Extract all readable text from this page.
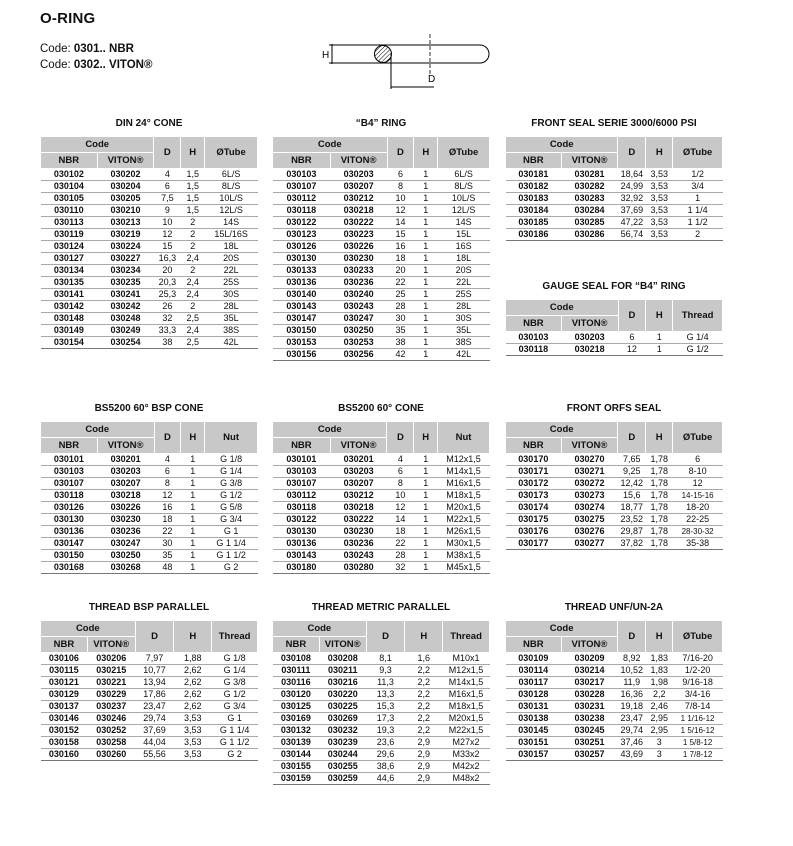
O-RING
Code: 0301.. NBR
Code: 0302.. VITON®
H
D
DIN 24° CONE
Code		D	H	ØTube
NBR	VITON®			
030102	030202	4	1,5	6L/S
030104	030204	6	1,5	8L/S
030105	030205	7,5	1,5	10L/S
030110	030210	9	1,5	12L/S
030113	030213	10	2	14S
030119	030219	12	2	15L/16S
030124	030224	15	2	18L
030127	030227	16,3	2,4	20S
030134	030234	20	2	22L
030135	030235	20,3	2,4	25S
030141	030241	25,3	2,4	30S
030142	030242	26	2	28L
030148	030248	32	2,5	35L
030149	030249	33,3	2,4	38S
030154	030254	38	2,5	42L
“B4” RING
Code		D	H	ØTube
NBR	VITON®			
030103	030203	6	1	6L/S
030107	030207	8	1	8L/S
030112	030212	10	1	10L/S
030118	030218	12	1	12L/S
030122	030222	14	1	14S
030123	030223	15	1	15L
030126	030226	16	1	16S
030130	030230	18	1	18L
030133	030233	20	1	20S
030136	030236	22	1	22L
030140	030240	25	1	25S
030143	030243	28	1	28L
030147	030247	30	1	30S
030150	030250	35	1	35L
030153	030253	38	1	38S
030156	030256	42	1	42L
FRONT SEAL SERIE 3000/6000 PSI
Code		D	H	ØTube
NBR	VITON®			
030181	030281	18,64	3,53	1/2
030182	030282	24,99	3,53	3/4
030183	030283	32,92	3,53	1
030184	030284	37,69	3,53	1 1/4
030185	030285	47,22	3,53	1 1/2
030186	030286	56,74	3,53	2
GAUGE SEAL FOR “B4” RING
Code		D	H	Thread
NBR	VITON®			
030103	030203	6	1	G 1/4
030118	030218	12	1	G 1/2
BS5200 60° BSP CONE
Code		D	H	Nut
NBR	VITON®			
030101	030201	4	1	G 1/8
030103	030203	6	1	G 1/4
030107	030207	8	1	G 3/8
030118	030218	12	1	G 1/2
030126	030226	16	1	G 5/8
030130	030230	18	1	G 3/4
030136	030236	22	1	G 1
030147	030247	30	1	G 1 1/4
030150	030250	35	1	G 1 1/2
030168	030268	48	1	G 2
BS5200 60° CONE
Code		D	H	Nut
NBR	VITON®			
030101	030201	4	1	M12x1,5
030103	030203	6	1	M14x1,5
030107	030207	8	1	M16x1,5
030112	030212	10	1	M18x1,5
030118	030218	12	1	M20x1,5
030122	030222	14	1	M22x1,5
030130	030230	18	1	M26x1,5
030136	030236	22	1	M30x1,5
030143	030243	28	1	M38x1,5
030180	030280	32	1	M45x1,5
FRONT ORFS SEAL
Code		D	H	ØTube
NBR	VITON®			
030170	030270	7,65	1,78	6
030171	030271	9,25	1,78	8-10
030172	030272	12,42	1,78	12
030173	030273	15,6	1,78	14-15-16
030174	030274	18,77	1,78	18-20
030175	030275	23,52	1,78	22-25
030176	030276	29,87	1,78	28-30-32
030177	030277	37,82	1,78	35-38
THREAD BSP PARALLEL
Code		D	H	Thread
NBR	VITON®			
030106	030206	7,97	1,88	G 1/8
030115	030215	10,77	2,62	G 1/4
030121	030221	13,94	2,62	G 3/8
030129	030229	17,86	2,62	G 1/2
030137	030237	23,47	2,62	G 3/4
030146	030246	29,74	3,53	G 1
030152	030252	37,69	3,53	G 1 1/4
030158	030258	44,04	3,53	G 1 1/2
030160	030260	55,56	3,53	G 2
THREAD METRIC PARALLEL
Code		D	H	Thread
NBR	VITON®			
030108	030208	8,1	1,6	M10x1
030111	030211	9,3	2,2	M12x1,5
030116	030216	11,3	2,2	M14x1,5
030120	030220	13,3	2,2	M16x1,5
030125	030225	15,3	2,2	M18x1,5
030169	030269	17,3	2,2	M20x1,5
030132	030232	19,3	2,2	M22x1,5
030139	030239	23,6	2,9	M27x2
030144	030244	29,6	2,9	M33x2
030155	030255	38,6	2,9	M42x2
030159	030259	44,6	2,9	M48x2
THREAD UNF/UN-2A
Code		D	H	ØTube
NBR	VITON®			
030109	030209	8,92	1,83	7/16-20
030114	030214	10,52	1,83	1/2-20
030117	030217	11,9	1,98	9/16-18
030128	030228	16,36	2,2	3/4-16
030131	030231	19,18	2,46	7/8-14
030138	030238	23,47	2,95	1 1/16-12
030145	030245	29,74	2,95	1 5/16-12
030151	030251	37,46	3	1 5/8-12
030157	030257	43,69	3	1 7/8-12
